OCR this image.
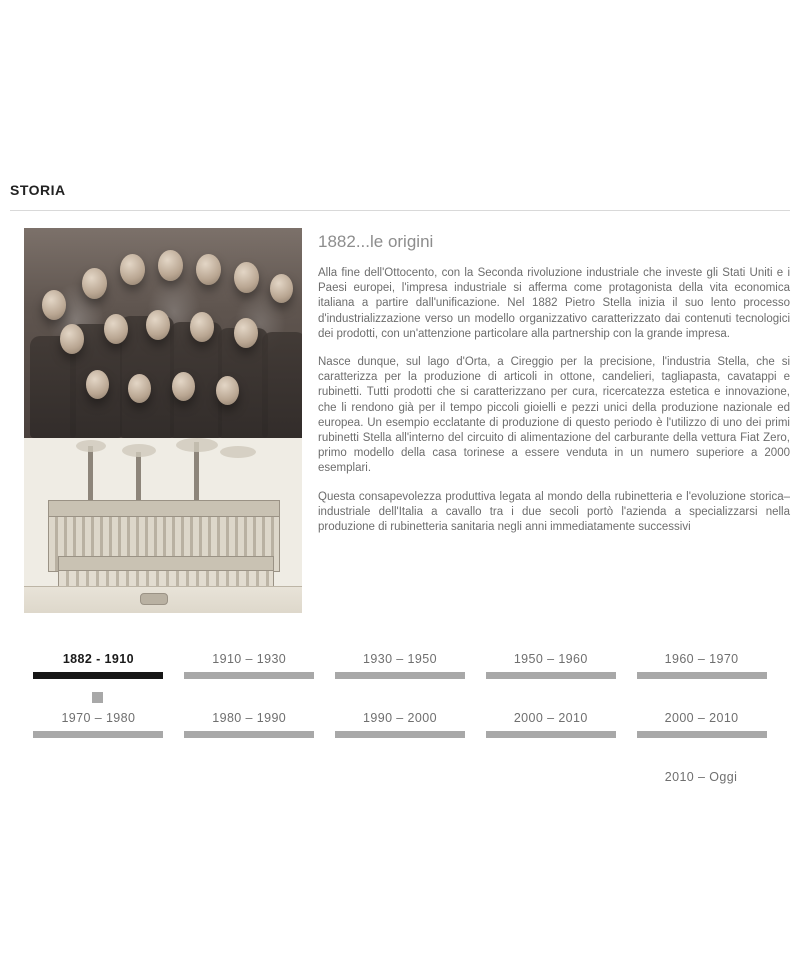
STORIA
1882...le origini

Alla fine dell'Ottocento, con la Seconda rivoluzione industriale che investe gli Stati Uniti e i Paesi europei, l'impresa industriale si afferma come protagonista della vita economica italiana a partire dall'unificazione. Nel 1882 Pietro Stella inizia il suo lento processo d'industrializzazione verso un modello organizzativo caratterizzato dai contenuti tecnologici dei prodotti, con un'attenzione particolare alla partnership con la grande impresa.

Nasce dunque, sul lago d'Orta, a Cireggio per la precisione, l'industria Stella, che si caratterizza per la produzione di articoli in ottone, candelieri, tagliapasta, cavatappi e rubinetti. Tutti prodotti che si caratterizzano per cura, ricercatezza estetica e innovazione, che li rendono già per il tempo piccoli gioielli e pezzi unici della produzione nazionale ed europea. Un esempio ecclatante di produzione di questo periodo è l'utilizzo di uno dei primi rubinetti Stella all'interno del circuito di alimentazione del carburante della vettura Fiat Zero, primo modello della casa torinese a essere venduta in un numero superiore a 2000 esemplari.

Questa consapevolezza produttiva legata al mondo della rubinetteria e l'evoluzione storica–industriale dell'Italia a cavallo tra i due secoli portò l'azienda a specializzarsi nella produzione di rubinetteria sanitaria negli anni immediatamente successivi

1882 - 1910	1910 – 1930	1930 – 1950	1950 – 1960	1960 – 1970
1970 – 1980	1980 – 1990	1990 – 2000	2000 – 2010	2000 – 2010
2010 – Oggi
